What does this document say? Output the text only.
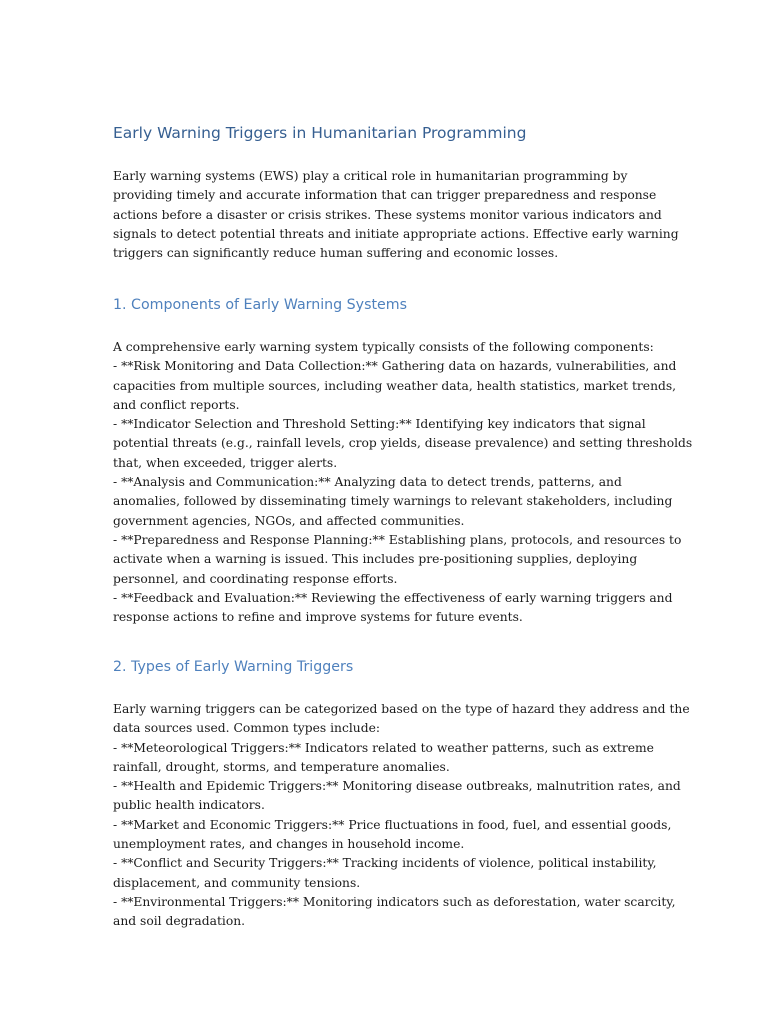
Early Warning Triggers in Humanitarian Programming
Early warning systems (EWS) play a critical role in humanitarian programming by
providing timely and accurate information that can trigger preparedness and response
actions before a disaster or crisis strikes. These systems monitor various indicators and
signals to detect potential threats and initiate appropriate actions. Effective early warning
triggers can significantly reduce human suffering and economic losses.
1. Components of Early Warning Systems
A comprehensive early warning system typically consists of the following components:
- **Risk Monitoring and Data Collection:** Gathering data on hazards, vulnerabilities, and
capacities from multiple sources, including weather data, health statistics, market trends,
and conflict reports.
- **Indicator Selection and Threshold Setting:** Identifying key indicators that signal
potential threats (e.g., rainfall levels, crop yields, disease prevalence) and setting thresholds
that, when exceeded, trigger alerts.
- **Analysis and Communication:** Analyzing data to detect trends, patterns, and
anomalies, followed by disseminating timely warnings to relevant stakeholders, including
government agencies, NGOs, and affected communities.
- **Preparedness and Response Planning:** Establishing plans, protocols, and resources to
activate when a warning is issued. This includes pre-positioning supplies, deploying
personnel, and coordinating response efforts.
- **Feedback and Evaluation:** Reviewing the effectiveness of early warning triggers and
response actions to refine and improve systems for future events.
2. Types of Early Warning Triggers
Early warning triggers can be categorized based on the type of hazard they address and the
data sources used. Common types include:
- **Meteorological Triggers:** Indicators related to weather patterns, such as extreme
rainfall, drought, storms, and temperature anomalies.
- **Health and Epidemic Triggers:** Monitoring disease outbreaks, malnutrition rates, and
public health indicators.
- **Market and Economic Triggers:** Price fluctuations in food, fuel, and essential goods,
unemployment rates, and changes in household income.
- **Conflict and Security Triggers:** Tracking incidents of violence, political instability,
displacement, and community tensions.
- **Environmental Triggers:** Monitoring indicators such as deforestation, water scarcity,
and soil degradation.
